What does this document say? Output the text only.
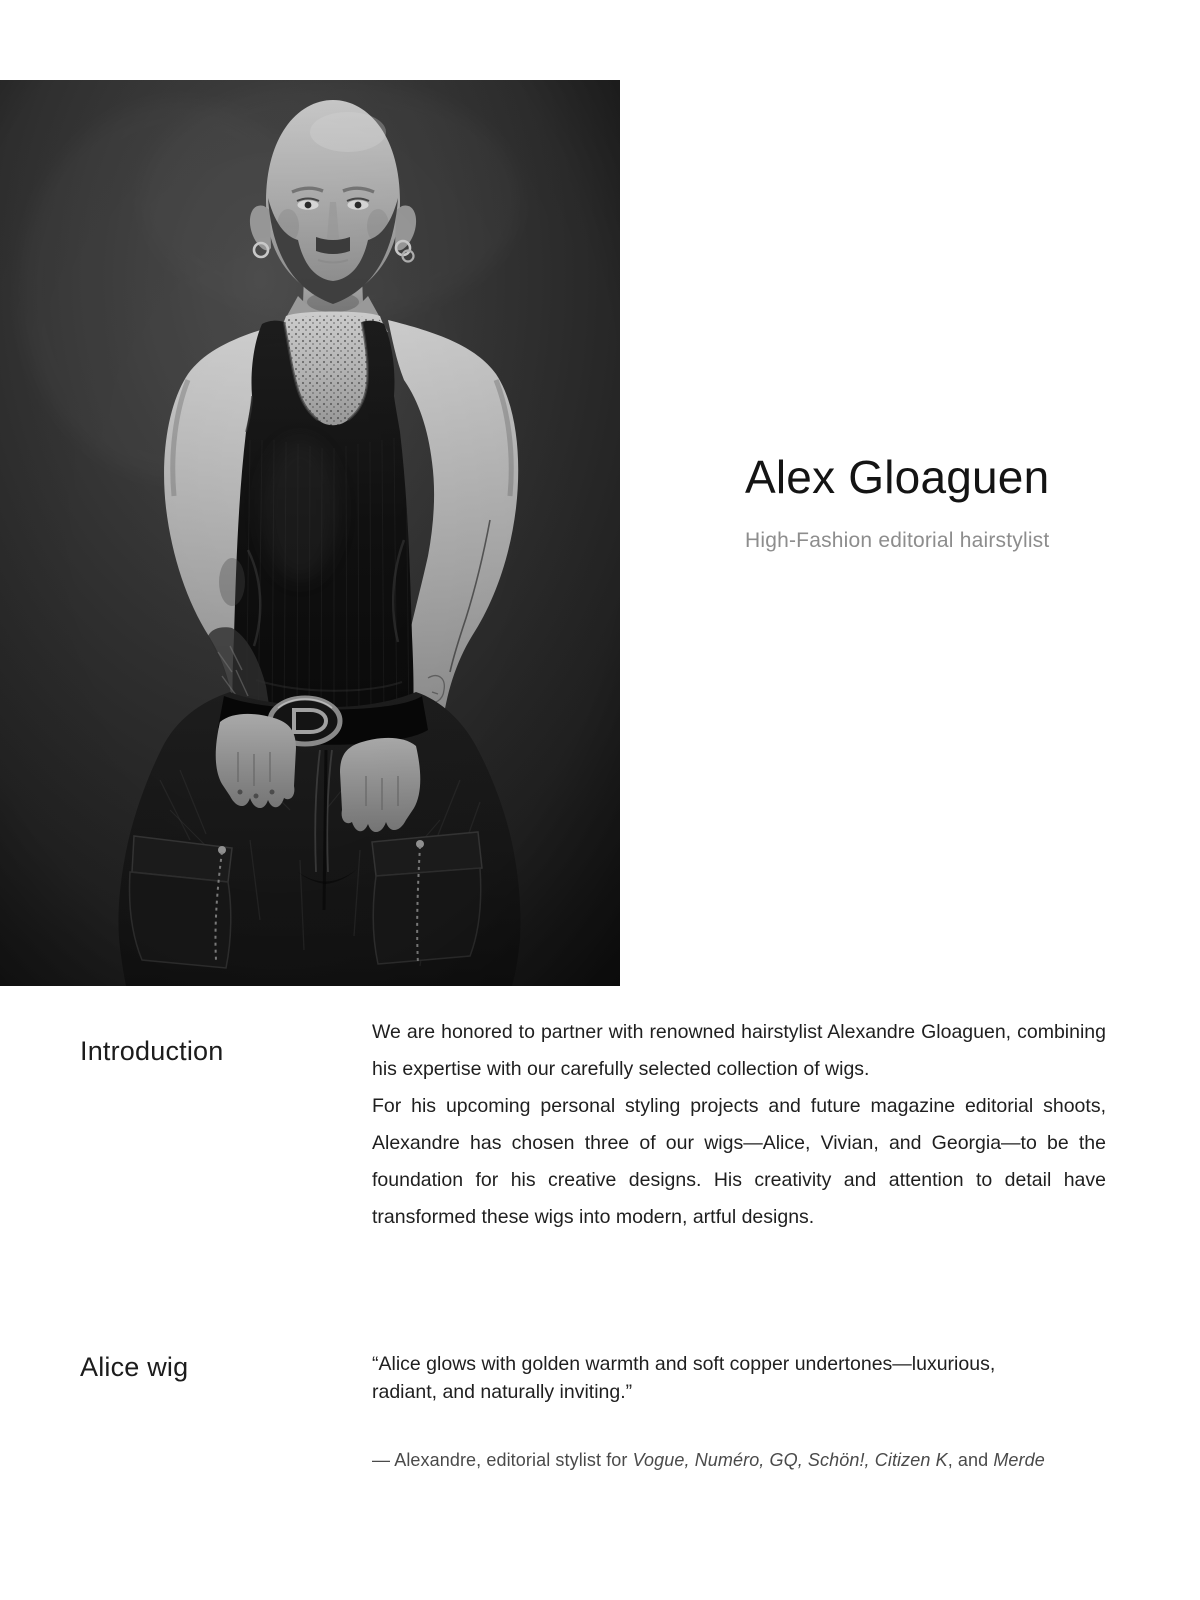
Alex Gloaguen

High-Fashion editorial hairstylist

Introduction

We are honored to partner with renowned hairstylist Alexandre Gloaguen, combining his expertise with our carefully selected collection of wigs.

For his upcoming personal styling projects and future magazine editorial shoots, Alexandre has chosen three of our wigs—Alice, Vivian, and Georgia—to be the foundation for his creative designs. His creativity and attention to detail have transformed these wigs into modern, artful designs.

Alice wig	“Alice glows with golden warmth and soft copper undertones—luxurious,
radiant, and naturally inviting.”

— Alexandre, editorial stylist for Vogue, Numéro, GQ, Schön!, Citizen K, and Merde
